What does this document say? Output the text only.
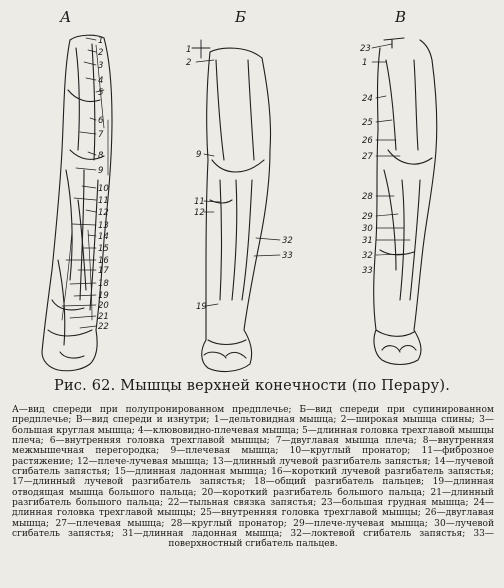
А	Б	В
1
2
3
4
5
6
7
8
9
10
11
12
13
14
15
16
17
18
19
20
21
22
1
2
9
11
12
32
33
19
23
1
24
25
26
27
28
29
30
31
32
33
Рис. 62. Мышцы верхней конечности (по Перару).
А—вид спереди при полупронированном предплечье; Б—вид спереди при супинированном предплечье; В—вид спереди и изнутри; 1—дельтовидная мышца; 2—широкая мышца спины; 3—большая круглая мышца; 4—клювовидно-плечевая мышца; 5—длинная головка трехглавой мышцы плеча; 6—внутренняя головка трехглавой мышцы; 7—двуглавая мышца плеча; 8—внутренняя межмышечная перегородка; 9—плечевая мышца; 10—круглый пронатор; 11—фиброзное растяжение; 12—плече-лучевая мышца; 13—длинный лучевой разгибатель запястья; 14—лучевой сгибатель запястья; 15—длинная ладонная мышца; 16—короткий лучевой разгибатель запястья; 17—длинный лучевой разгибатель запястья; 18—общий разгибатель пальцев; 19—длинная отводящая мышца большого пальца; 20—короткий разгибатель большого пальца; 21—длинный разгибатель большого пальца; 22—тыльная связка запястья; 23—большая грудная мышца; 24—длинная головка трехглавой мышцы; 25—внутренняя головка трехглавой мышцы; 26—двуглавая мышца; 27—плечевая мышца; 28—круглый пронатор; 29—плече-лучевая мышца; 30—лучевой сгибатель запястья; 31—длинная ладонная мышца; 32—локтевой сгибатель запястья; 33—поверхностный сгибатель пальцев.
